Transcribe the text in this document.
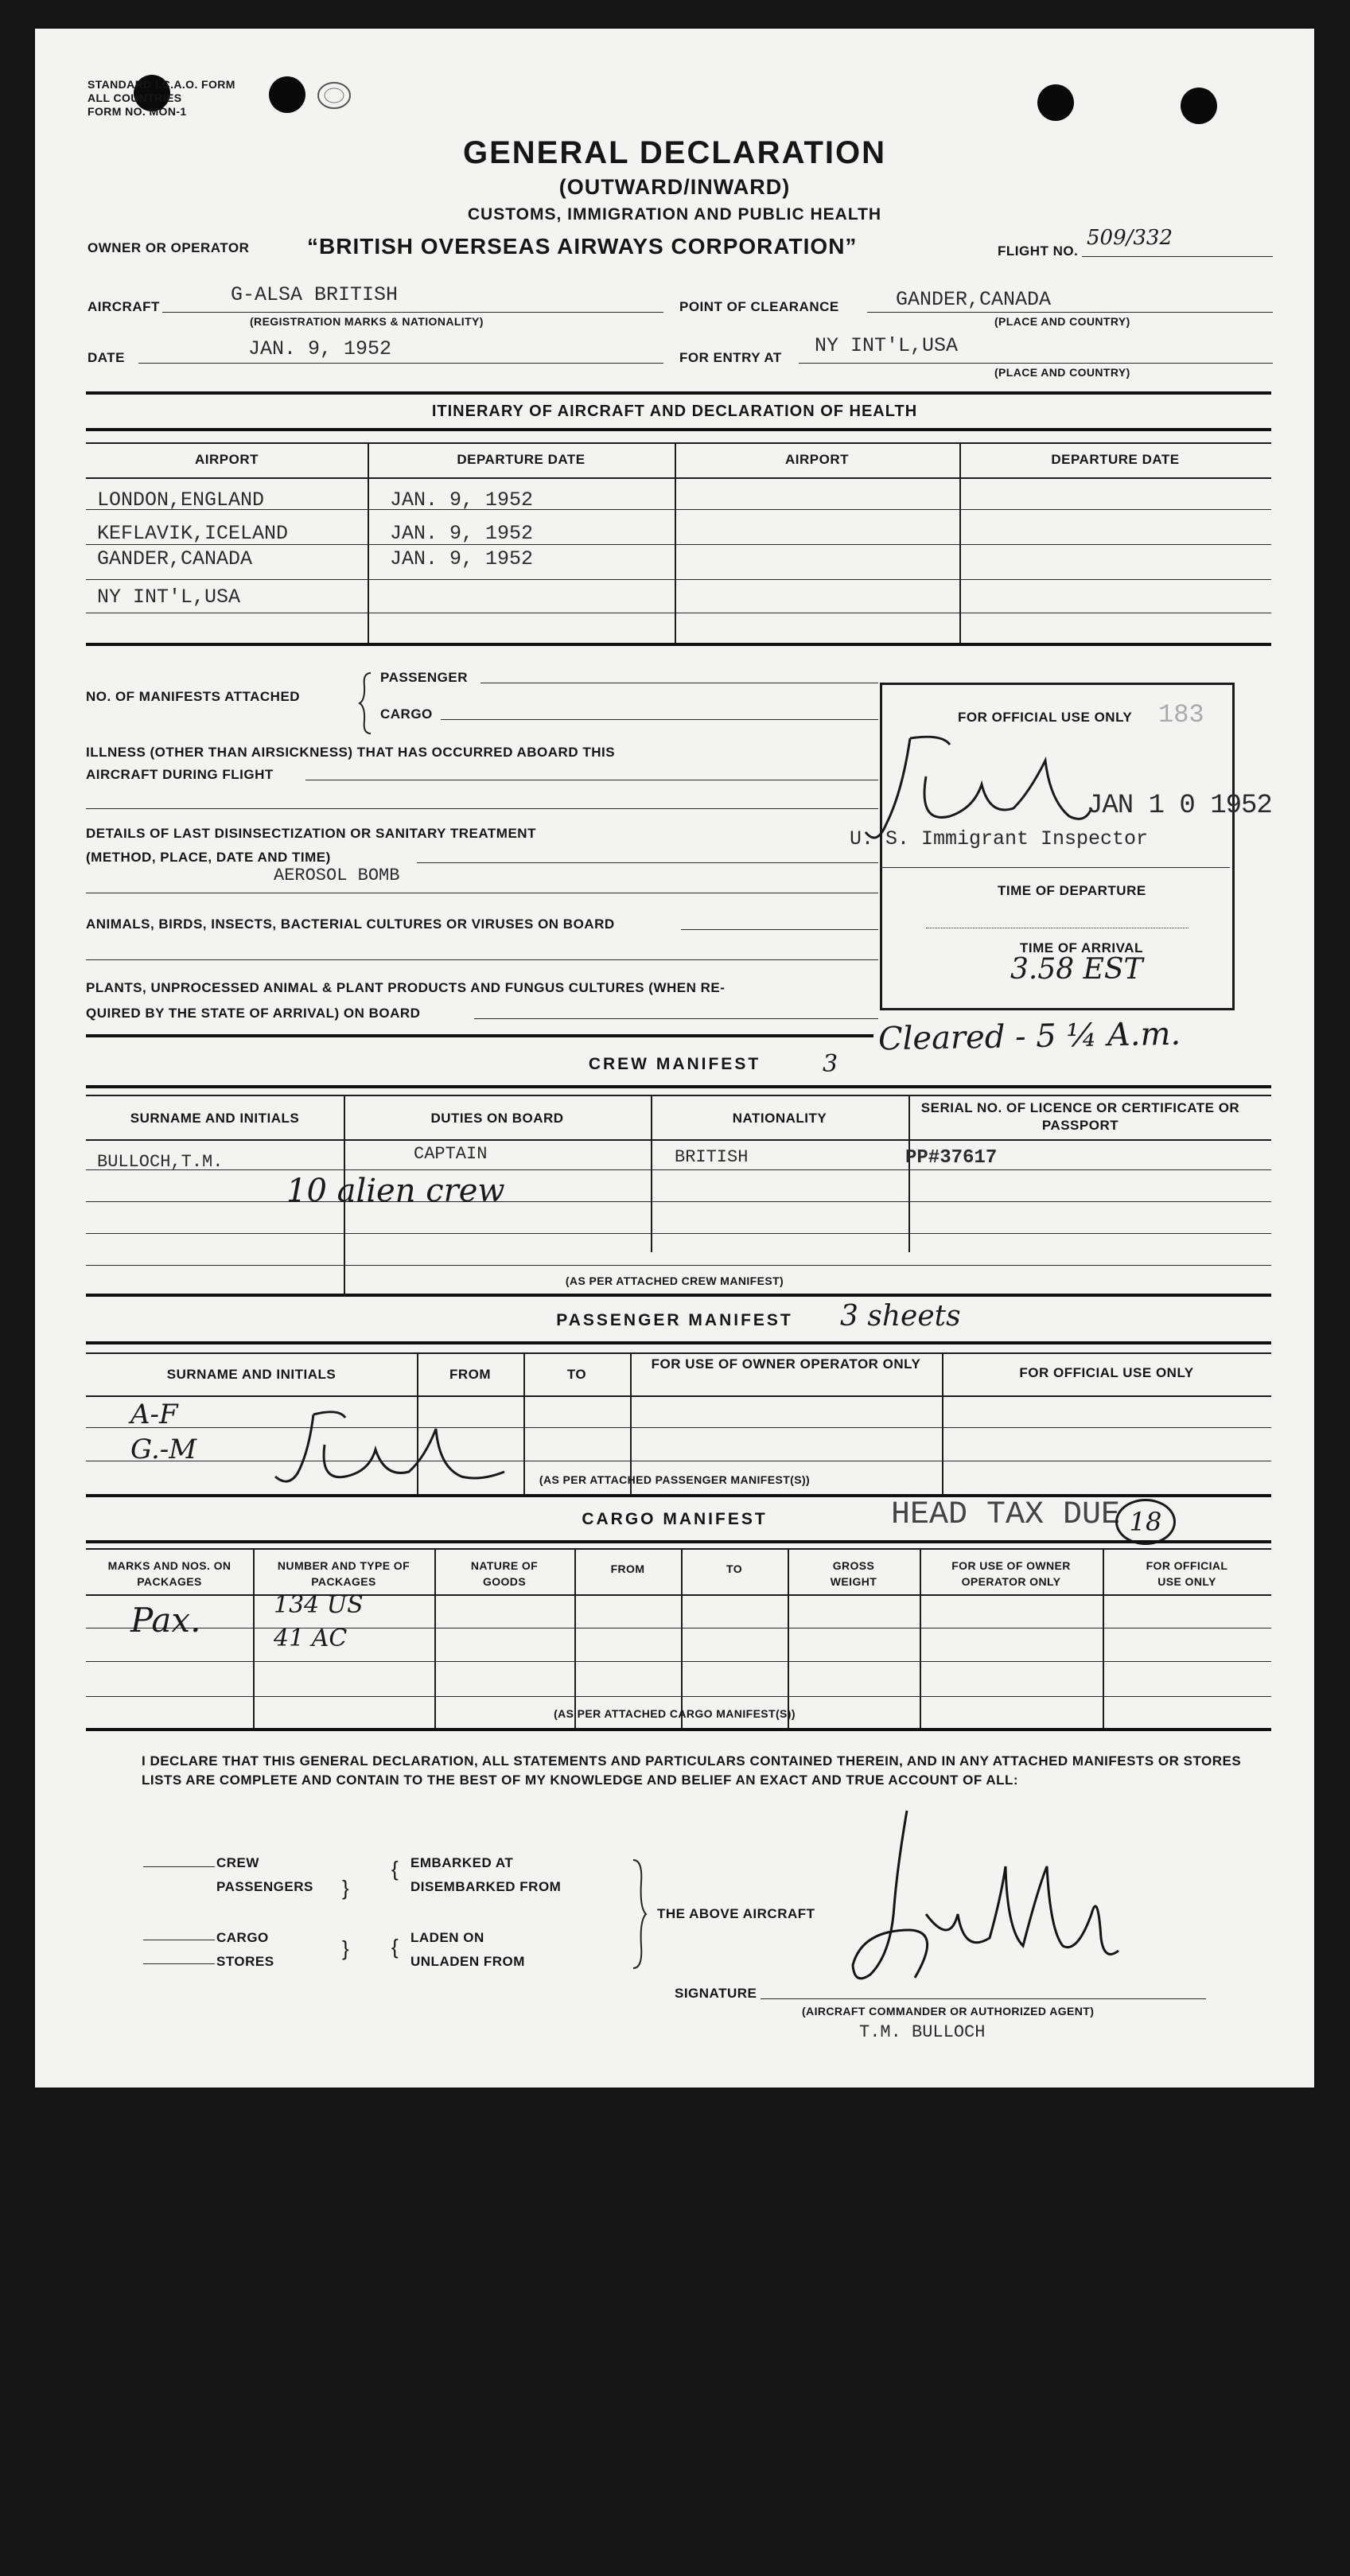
STANDARD I.C.A.O. FORM
ALL COUNTRIES
FORM NO. MON-1
GENERAL DECLARATION
(OUTWARD/INWARD)
CUSTOMS, IMMIGRATION AND PUBLIC HEALTH
OWNER OR OPERATOR	“BRITISH OVERSEAS AIRWAYS CORPORATION”	FLIGHT NO.
509/332
AIRCRAFT
G-ALSA BRITISH
(REGISTRATION MARKS & NATIONALITY)
POINT OF CLEARANCE	GANDER,CANADA
(PLACE AND COUNTRY)
DATE	JAN. 9, 1952	FOR ENTRY AT
NY INT'L,USA
(PLACE AND COUNTRY)
ITINERARY OF AIRCRAFT AND DECLARATION OF HEALTH
AIRPORT	DEPARTURE DATE	AIRPORT	DEPARTURE DATE
LONDON,ENGLAND	JAN. 9, 1952
KEFLAVIK,ICELAND	JAN. 9, 1952
GANDER,CANADA	JAN. 9, 1952
NY INT'L,USA
NO. OF MANIFESTS ATTACHED
PASSENGER
CARGO
ILLNESS (OTHER THAN AIRSICKNESS) THAT HAS OCCURRED ABOARD THIS
AIRCRAFT DURING FLIGHT
DETAILS OF LAST DISINSECTIZATION OR SANITARY TREATMENT
(METHOD, PLACE, DATE AND TIME)
AEROSOL BOMB
ANIMALS, BIRDS, INSECTS, BACTERIAL CULTURES OR VIRUSES ON BOARD
PLANTS, UNPROCESSED ANIMAL & PLANT PRODUCTS AND FUNGUS CULTURES (WHEN RE-
QUIRED BY THE STATE OF ARRIVAL) ON BOARD
FOR OFFICIAL USE ONLY 183
JAN 1 0 1952
U. S. Immigrant Inspector
TIME OF DEPARTURE
TIME OF ARRIVAL
3.58 EST
Cleared - 5 ¼ A.m.
CREW MANIFEST	3
SURNAME AND INITIALS	DUTIES ON BOARD	NATIONALITY
SERIAL NO. OF LICENCE OR CERTIFICATE OR PASSPORT
BULLOCH,T.M.	CAPTAIN	BRITISH	PP#37617
10 alien crew
(AS PER ATTACHED CREW MANIFEST)
PASSENGER MANIFEST	3 sheets
SURNAME AND INITIALS	FROM	TO
FOR USE OF OWNER OPERATOR ONLY
FOR OFFICIAL USE ONLY
A-F
G.-M
(AS PER ATTACHED PASSENGER MANIFEST(S))
CARGO MANIFEST	HEAD TAX DUE 18
MARKS AND NOS. ON PACKAGES
NUMBER AND TYPE OF PACKAGES
NATURE OF GOODS
FROM	TO	GROSS WEIGHT
FOR USE OF OWNER OPERATOR ONLY
FOR OFFICIAL USE ONLY
Pax.	134 US
41 AC
(AS PER ATTACHED CARGO MANIFEST(S))
I DECLARE THAT THIS GENERAL DECLARATION, ALL STATEMENTS AND PARTICULARS CONTAINED THEREIN, AND IN ANY ATTACHED MANIFESTS OR STORES LISTS ARE COMPLETE AND CONTAIN TO THE BEST OF MY KNOWLEDGE AND BELIEF AN EXACT AND TRUE ACCOUNT OF ALL:
CREW
PASSENGERS }
CARGO
STORES
}
{ EMBARKED AT
DISEMBARKED FROM
{ LADEN ON
UNLADEN FROM
THE ABOVE AIRCRAFT
SIGNATURE
(AIRCRAFT COMMANDER OR AUTHORIZED AGENT)
T.M. BULLOCH
